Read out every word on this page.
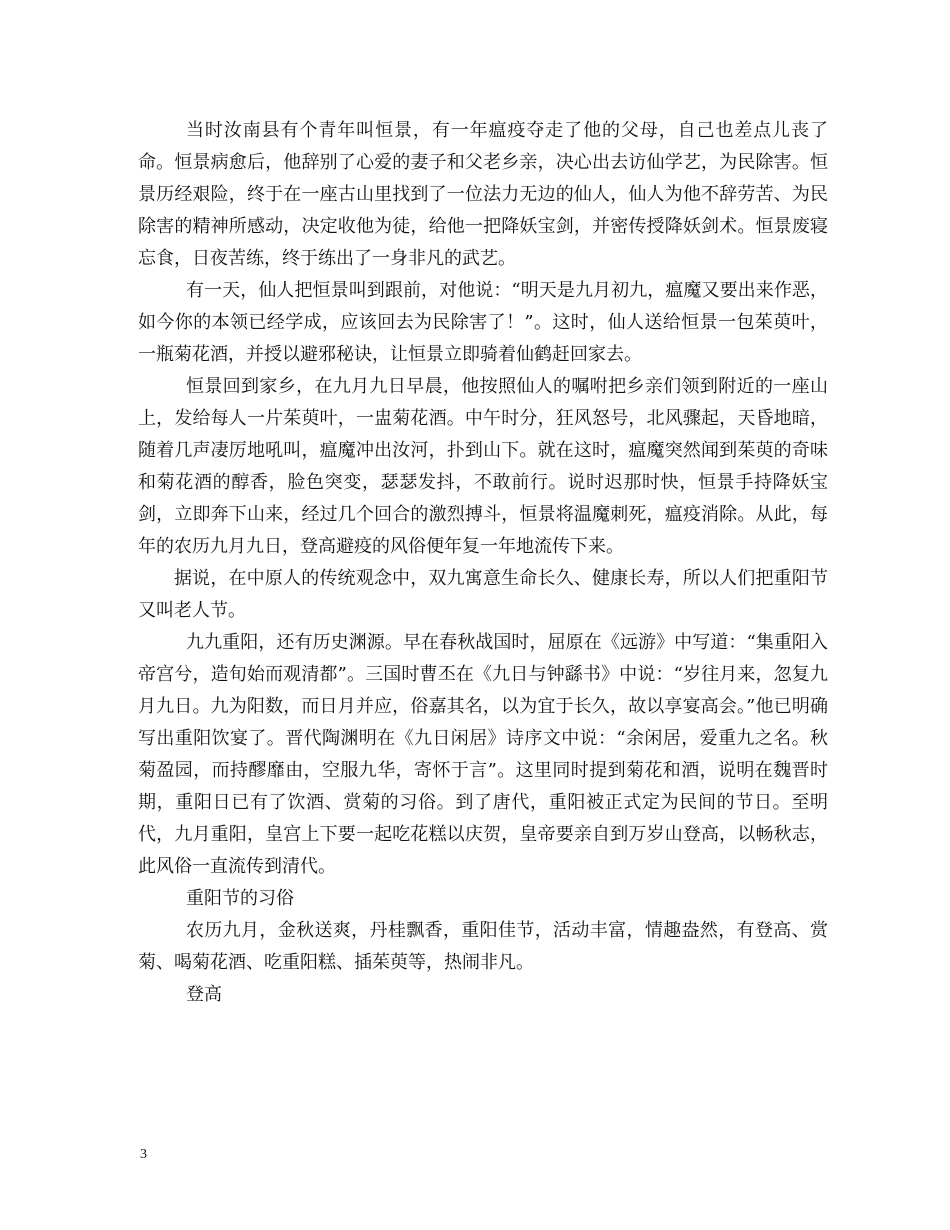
当时汝南县有个青年叫恒景，有一年瘟疫夺走了他的父母，自己也差点儿丧了命。恒景病愈后，他辞别了心爱的妻子和父老乡亲，决心出去访仙学艺，为民除害。恒景历经艰险，终于在一座古山里找到了一位法力无边的仙人，仙人为他不辞劳苦、为民除害的精神所感动，决定收他为徒，给他一把降妖宝剑，并密传授降妖剑术。恒景废寝忘食，日夜苦练，终于练出了一身非凡的武艺。

有一天，仙人把恒景叫到跟前，对他说：“明天是九月初九，瘟魔又要出来作恶，如今你的本领已经学成，应该回去为民除害了！”。这时，仙人送给恒景一包茱萸叶，一瓶菊花酒，并授以避邪秘诀，让恒景立即骑着仙鹤赶回家去。

恒景回到家乡，在九月九日早晨，他按照仙人的嘱咐把乡亲们领到附近的一座山上，发给每人一片茱萸叶，一盅菊花酒。中午时分，狂风怒号，北风骤起，天昏地暗，随着几声凄厉地吼叫，瘟魔冲出汝河，扑到山下。就在这时，瘟魔突然闻到茱萸的奇味和菊花酒的醇香，脸色突变，瑟瑟发抖，不敢前行。说时迟那时快，恒景手持降妖宝剑，立即奔下山来，经过几个回合的激烈搏斗，恒景将温魔刺死，瘟疫消除。从此，每年的农历九月九日，登高避疫的风俗便年复一年地流传下来。

据说，在中原人的传统观念中，双九寓意生命长久、健康长寿，所以人们把重阳节又叫老人节。

九九重阳，还有历史渊源。早在春秋战国时，屈原在《远游》中写道：“集重阳入帝宫兮，造旬始而观清都”。三国时曹丕在《九日与钟繇书》中说：“岁往月来，忽复九月九日。九为阳数，而日月并应，俗嘉其名，以为宜于长久，故以享宴高会。”他已明确写出重阳饮宴了。晋代陶渊明在《九日闲居》诗序文中说：“余闲居，爱重九之名。秋菊盈园，而持醪靡由，空服九华，寄怀于言”。这里同时提到菊花和酒，说明在魏晋时期，重阳日已有了饮酒、赏菊的习俗。到了唐代，重阳被正式定为民间的节日。至明代，九月重阳，皇宫上下要一起吃花糕以庆贺，皇帝要亲自到万岁山登高，以畅秋志，此风俗一直流传到清代。

重阳节的习俗

农历九月，金秋送爽，丹桂飘香，重阳佳节，活动丰富，情趣盎然，有登高、赏菊、喝菊花酒、吃重阳糕、插茱萸等，热闹非凡。

登高

3
